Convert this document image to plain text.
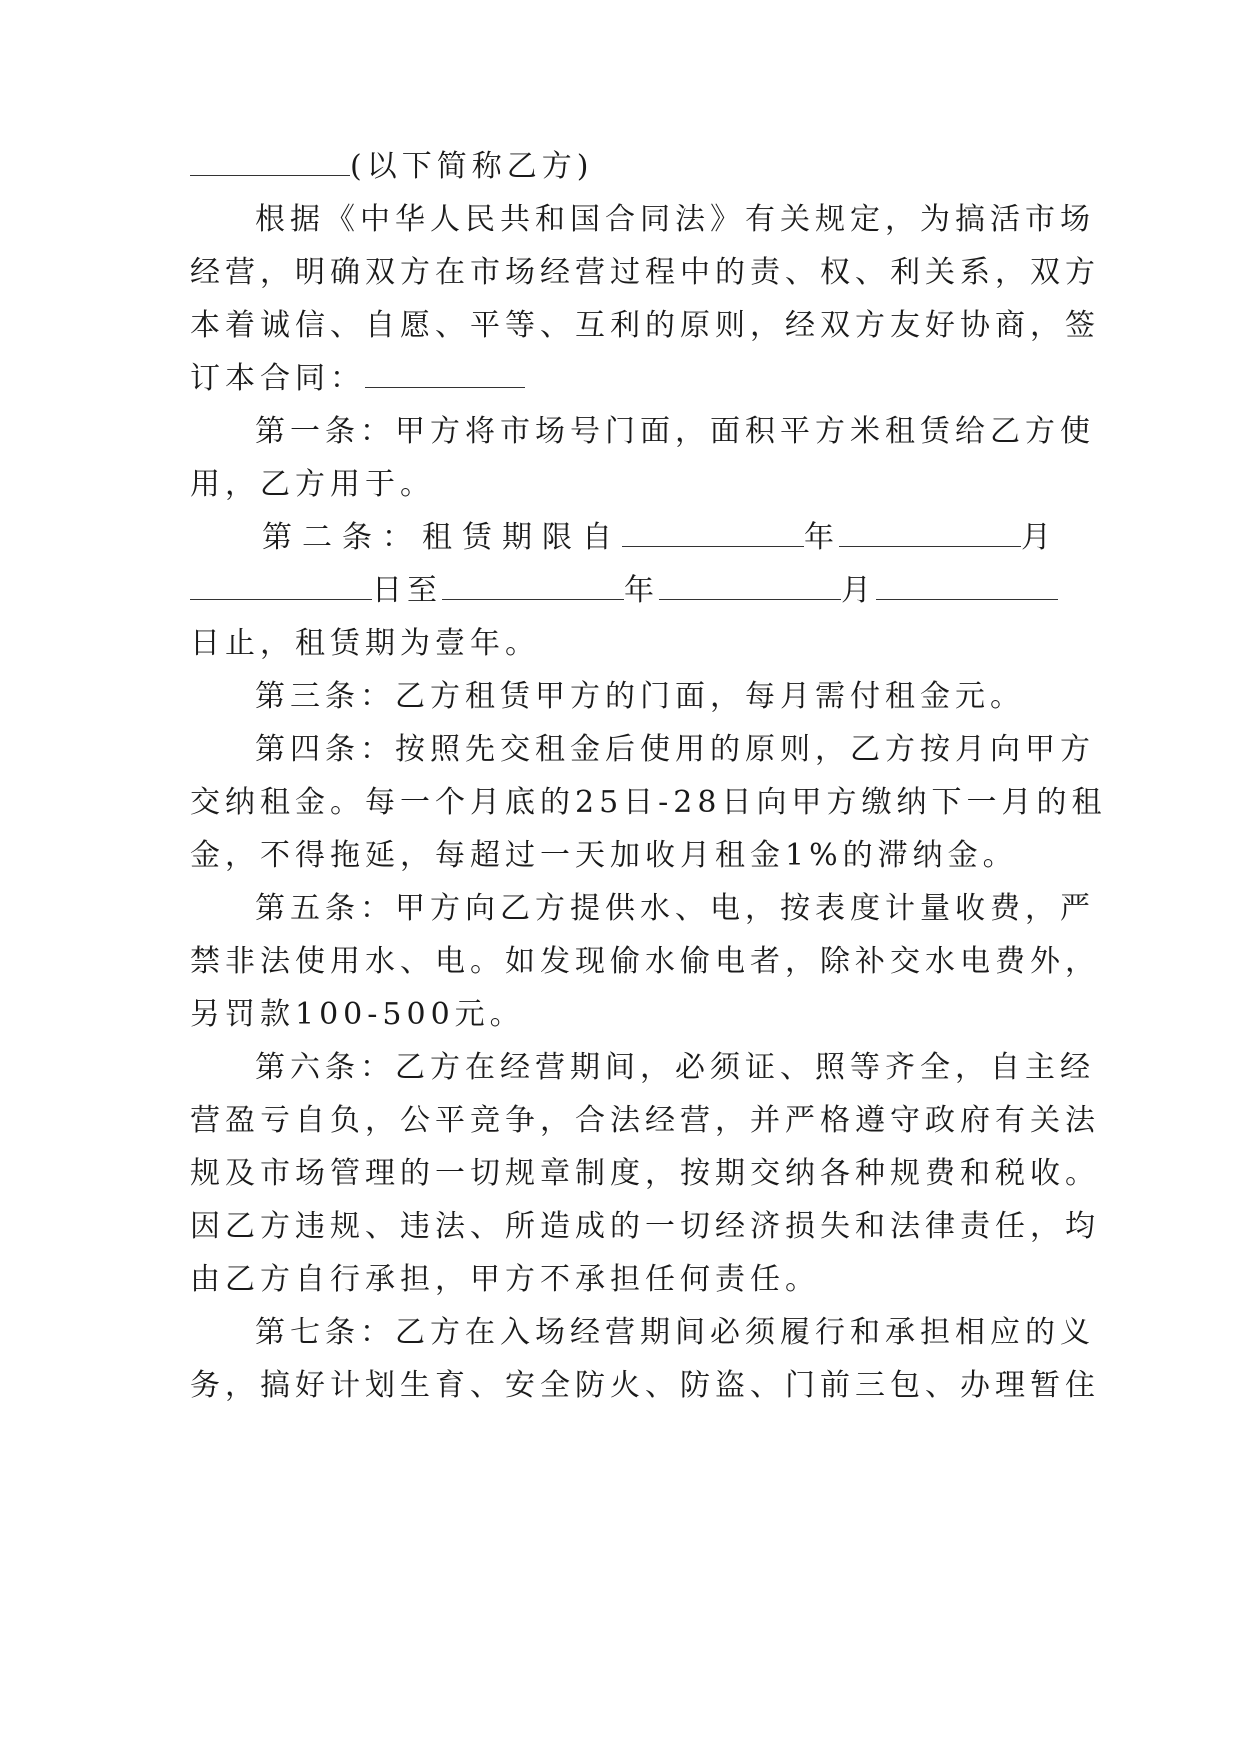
(以下简称乙方)
根据《中华人民共和国合同法》有关规定，为搞活市场
经营，明确双方在市场经营过程中的责、权、利关系，双方
本着诚信、自愿、平等、互利的原则，经双方友好协商，签
订本合同：
第一条：甲方将市场号门面，面积平方米租赁给乙方使
用，乙方用于。
第二条：租赁期限自	年	月
日至	年	月
日止，租赁期为壹年。
第三条：乙方租赁甲方的门面，每月需付租金元。
第四条：按照先交租金后使用的原则，乙方按月向甲方
交纳租金。每一个月底的25日-28日向甲方缴纳下一月的租
金，不得拖延，每超过一天加收月租金1%的滞纳金。
第五条：甲方向乙方提供水、电，按表度计量收费，严
禁非法使用水、电。如发现偷水偷电者，除补交水电费外，
另罚款100-500元。
第六条：乙方在经营期间，必须证、照等齐全，自主经
营盈亏自负，公平竞争，合法经营，并严格遵守政府有关法
规及市场管理的一切规章制度，按期交纳各种规费和税收。
因乙方违规、违法、所造成的一切经济损失和法律责任，均
由乙方自行承担，甲方不承担任何责任。
第七条：乙方在入场经营期间必须履行和承担相应的义
务，搞好计划生育、安全防火、防盗、门前三包、办理暂住
